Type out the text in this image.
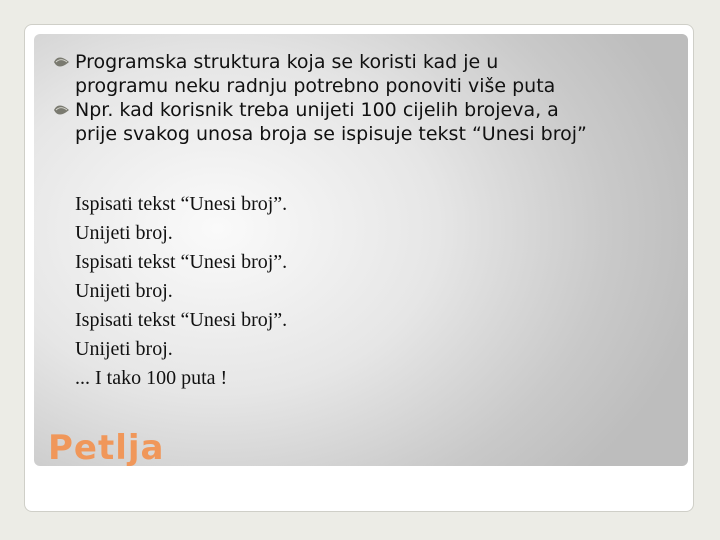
Programska struktura koja se koristi kad je u
programu neku radnju potrebno ponoviti više puta
Npr. kad korisnik treba unijeti 100 cijelih brojeva, a
prije svakog unosa broja se ispisuje tekst “Unesi broj”
Ispisati tekst “Unesi broj”.
Unijeti broj.
Ispisati tekst “Unesi broj”.
Unijeti broj.
Ispisati tekst “Unesi broj”.
Unijeti broj.
... I tako 100 puta !
Petlja
